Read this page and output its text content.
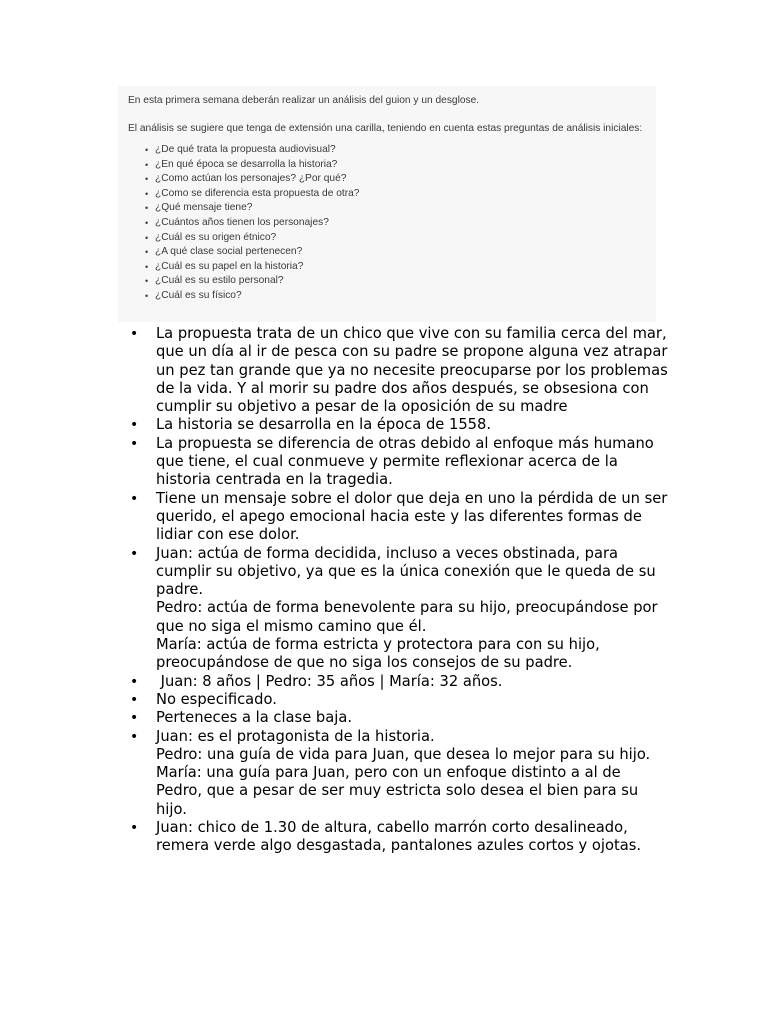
En esta primera semana deberán realizar un análisis del guion y un desglose.

El análisis se sugiere que tenga de extensión una carilla, teniendo en cuenta estas preguntas de análisis iniciales:

• ¿De qué trata la propuesta audiovisual?
• ¿En qué época se desarrolla la historia?
• ¿Como actúan los personajes? ¿Por qué?
• ¿Como se diferencia esta propuesta de otra?
• ¿Qué mensaje tiene?
• ¿Cuántos años tienen los personajes?
• ¿Cuál es su origen étnico?
• ¿A qué clase social pertenecen?
• ¿Cuál es su papel en la historia?
• ¿Cuál es su estilo personal?
• ¿Cuál es su físico?
• La propuesta trata de un chico que vive con su familia cerca del mar, que un día al ir de pesca con su padre se propone alguna vez atrapar un pez tan grande que ya no necesite preocuparse por los problemas de la vida. Y al morir su padre dos años después, se obsesiona con cumplir su objetivo a pesar de la oposición de su madre
• La historia se desarrolla en la época de 1558.
• La propuesta se diferencia de otras debido al enfoque más humano que tiene, el cual conmueve y permite reflexionar acerca de la historia centrada en la tragedia.
• Tiene un mensaje sobre el dolor que deja en uno la pérdida de un ser querido, el apego emocional hacia este y las diferentes formas de lidiar con ese dolor.
• Juan: actúa de forma decidida, incluso a veces obstinada, para cumplir su objetivo, ya que es la única conexión que le queda de su padre.
Pedro: actúa de forma benevolente para su hijo, preocupándose por que no siga el mismo camino que él.
María: actúa de forma estricta y protectora para con su hijo, preocupándose de que no siga los consejos de su padre.
• Juan: 8 años | Pedro: 35 años | María: 32 años.
• No especificado.
• Perteneces a la clase baja.
• Juan: es el protagonista de la historia.
Pedro: una guía de vida para Juan, que desea lo mejor para su hijo.
María: una guía para Juan, pero con un enfoque distinto a al de Pedro, que a pesar de ser muy estricta solo desea el bien para su hijo.
• Juan: chico de 1.30 de altura, cabello marrón corto desalineado, remera verde algo desgastada, pantalones azules cortos y ojotas.
